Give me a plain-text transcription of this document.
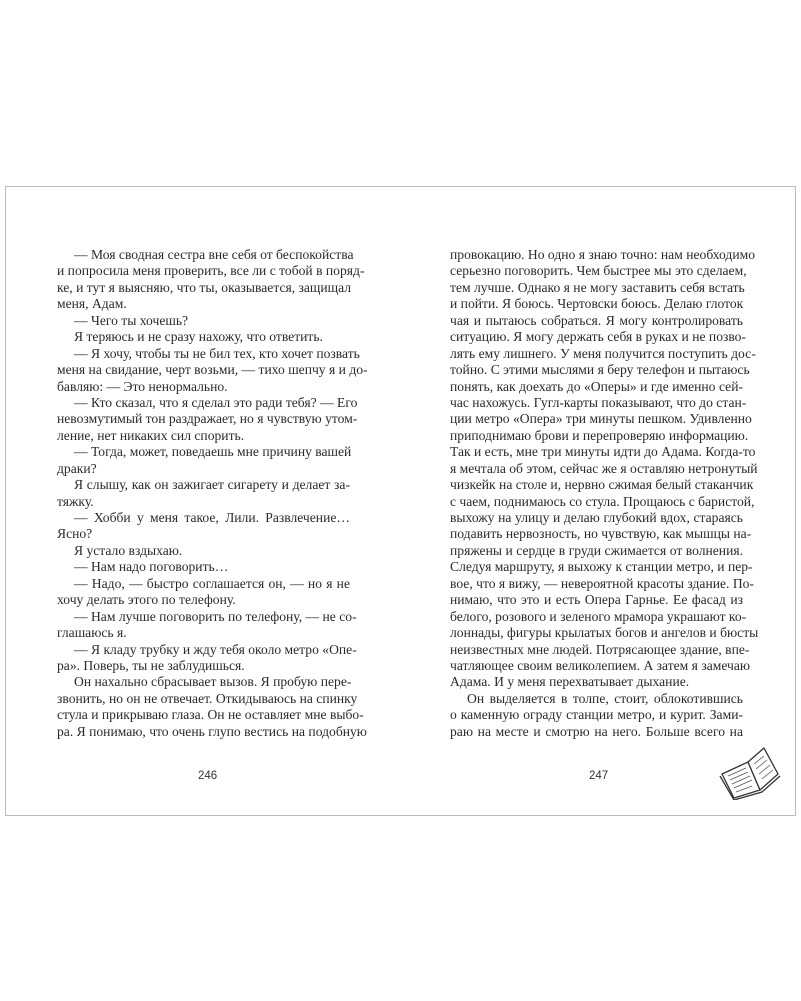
— Моя сводная сестра вне себя от беспокойства
и попросила меня проверить, все ли с тобой в поряд-
ке, и тут я выясняю, что ты, оказывается, защищал
меня, Адам.
— Чего ты хочешь?
Я теряюсь и не сразу нахожу, что ответить.
— Я хочу, чтобы ты не бил тех, кто хочет позвать
меня на свидание, черт возьми, — тихо шепчу я и до-
бавляю: — Это ненормально.
— Кто сказал, что я сделал это ради тебя? — Его
невозмутимый тон раздражает, но я чувствую утом-
ление, нет никаких сил спорить.
— Тогда, может, поведаешь мне причину вашей
драки?
Я слышу, как он зажигает сигарету и делает за-
тяжку.
— Хобби у меня такое, Лили. Развлечение…
Ясно?
Я устало вздыхаю.
— Нам надо поговорить…
— Надо, — быстро соглашается он, — но я не
хочу делать этого по телефону.
— Нам лучше поговорить по телефону, — не со-
глашаюсь я.
— Я кладу трубку и жду тебя около метро «Опе-
ра». Поверь, ты не заблудишься.
Он нахально сбрасывает вызов. Я пробую пере-
звонить, но он не отвечает. Откидываюсь на спинку
стула и прикрываю глаза. Он не оставляет мне выбо-
ра. Я понимаю, что очень глупо вестись на подобную
провокацию. Но одно я знаю точно: нам необходимо
серьезно поговорить. Чем быстрее мы это сделаем,
тем лучше. Однако я не могу заставить себя встать
и пойти. Я боюсь. Чертовски боюсь. Делаю глоток
чая и пытаюсь собраться. Я могу контролировать
ситуацию. Я могу держать себя в руках и не позво-
лять ему лишнего. У меня получится поступить дос-
тойно. С этими мыслями я беру телефон и пытаюсь
понять, как доехать до «Оперы» и где именно сей-
час нахожусь. Гугл-карты показывают, что до стан-
ции метро «Опера» три минуты пешком. Удивленно
приподнимаю брови и перепроверяю информацию.
Так и есть, мне три минуты идти до Адама. Когда-то
я мечтала об этом, сейчас же я оставляю нетронутый
чизкейк на столе и, нервно сжимая белый стаканчик
с чаем, поднимаюсь со стула. Прощаюсь с баристой,
выхожу на улицу и делаю глубокий вдох, стараясь
подавить нервозность, но чувствую, как мышцы на-
пряжены и сердце в груди сжимается от волнения.
Следуя маршруту, я выхожу к станции метро, и пер-
вое, что я вижу, — невероятной красоты здание. По-
нимаю, что это и есть Опера Гарнье. Ее фасад из
белого, розового и зеленого мрамора украшают ко-
лоннады, фигуры крылатых богов и ангелов и бюсты
неизвестных мне людей. Потрясающее здание, впе-
чатляющее своим великолепием. А затем я замечаю
Адама. И у меня перехватывает дыхание.
Он выделяется в толпе, стоит, облокотившись
о каменную ограду станции метро, и курит. Зами-
раю на месте и смотрю на него. Больше всего на
246	247
